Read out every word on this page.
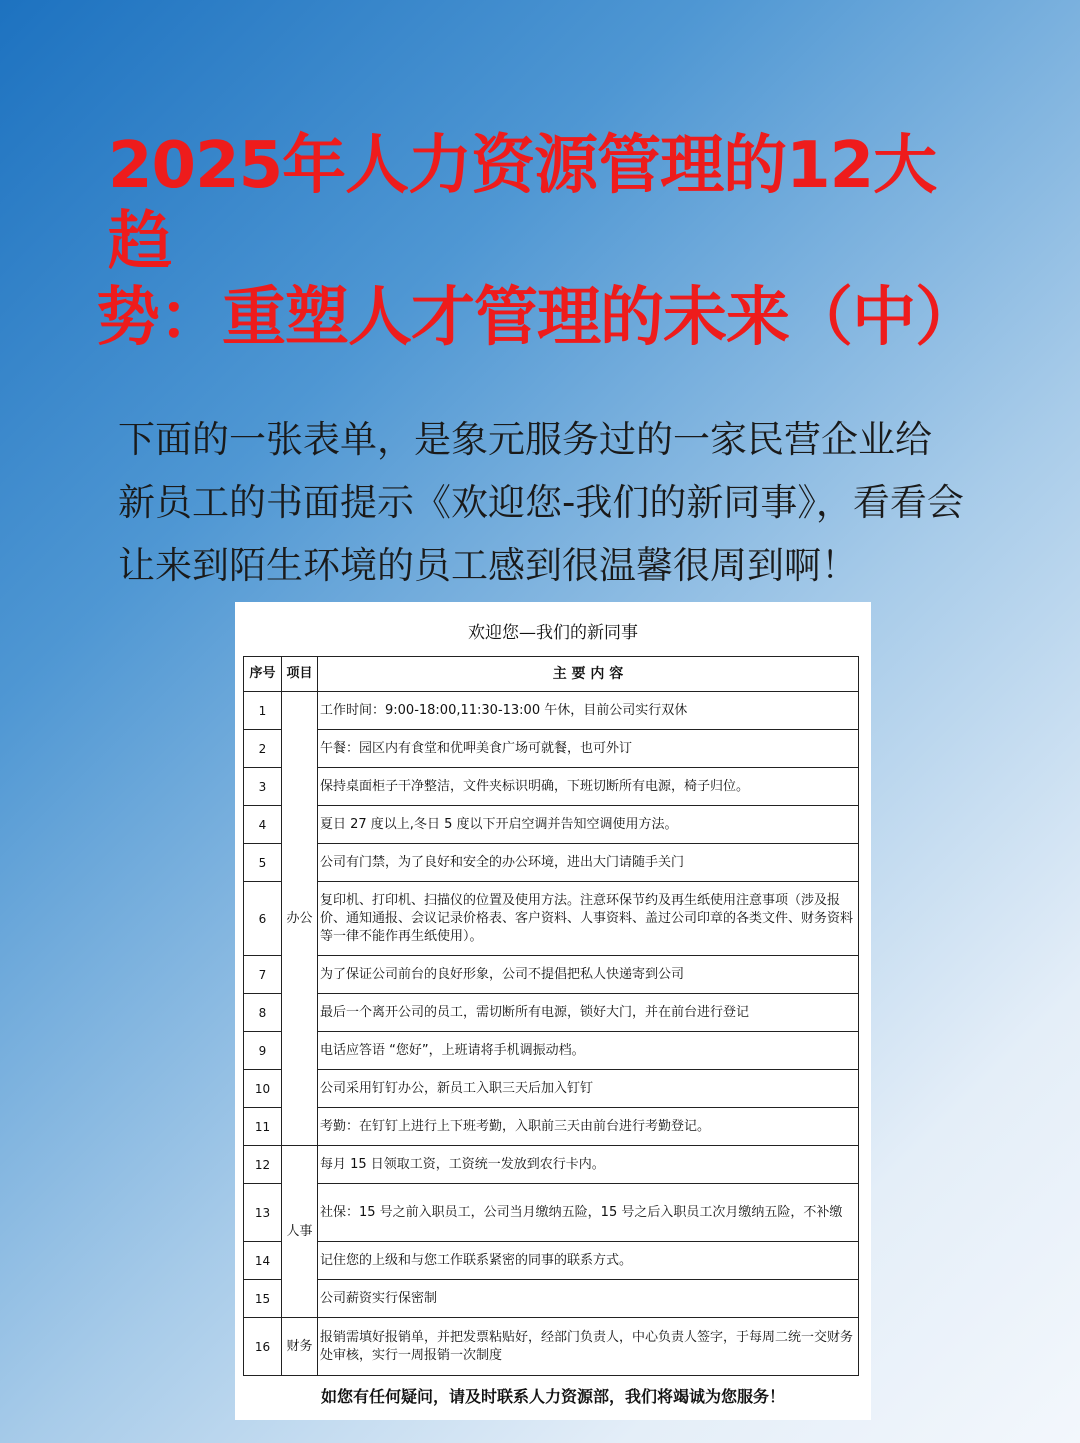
2025年人力资源管理的12大趋
势：重塑人才管理的未来（中）

下面的一张表单，是象元服务过的一家民营企业给新员工的书面提示《欢迎您-我们的新同事》，看看会让来到陌生环境的员工感到很温馨很周到啊！

欢迎您—我们的新同事
序号	项目	主 要 内 容
1	办公	工作时间：9:00-18:00,11:30-13:00 午休，目前公司实行双休
2		午餐：园区内有食堂和优呷美食广场可就餐，也可外订
3		保持桌面柜子干净整洁，文件夹标识明确，下班切断所有电源，椅子归位。
4		夏日 27 度以上,冬日 5 度以下开启空调并告知空调使用方法。
5		公司有门禁，为了良好和安全的办公环境，进出大门请随手关门
6		复印机、打印机、扫描仪的位置及使用方法。注意环保节约及再生纸使用注意事项（涉及报价、通知通报、会议记录价格表、客户资料、人事资料、盖过公司印章的各类文件、财务资料等一律不能作再生纸使用）。
7		为了保证公司前台的良好形象，公司不提倡把私人快递寄到公司
8		最后一个离开公司的员工，需切断所有电源，锁好大门，并在前台进行登记
9		电话应答语 “您好”，上班请将手机调振动档。
10		公司采用钉钉办公，新员工入职三天后加入钉钉
11		考勤：在钉钉上进行上下班考勤，入职前三天由前台进行考勤登记。
12	人事	每月 15 日领取工资，工资统一发放到农行卡内。
13		社保：15 号之前入职员工，公司当月缴纳五险，15 号之后入职员工次月缴纳五险，不补缴
14		记住您的上级和与您工作联系紧密的同事的联系方式。
15		公司薪资实行保密制
16	财务	报销需填好报销单，并把发票粘贴好，经部门负责人，中心负责人签字，于每周二统一交财务处审核，实行一周报销一次制度
如您有任何疑问，请及时联系人力资源部，我们将竭诚为您服务！
